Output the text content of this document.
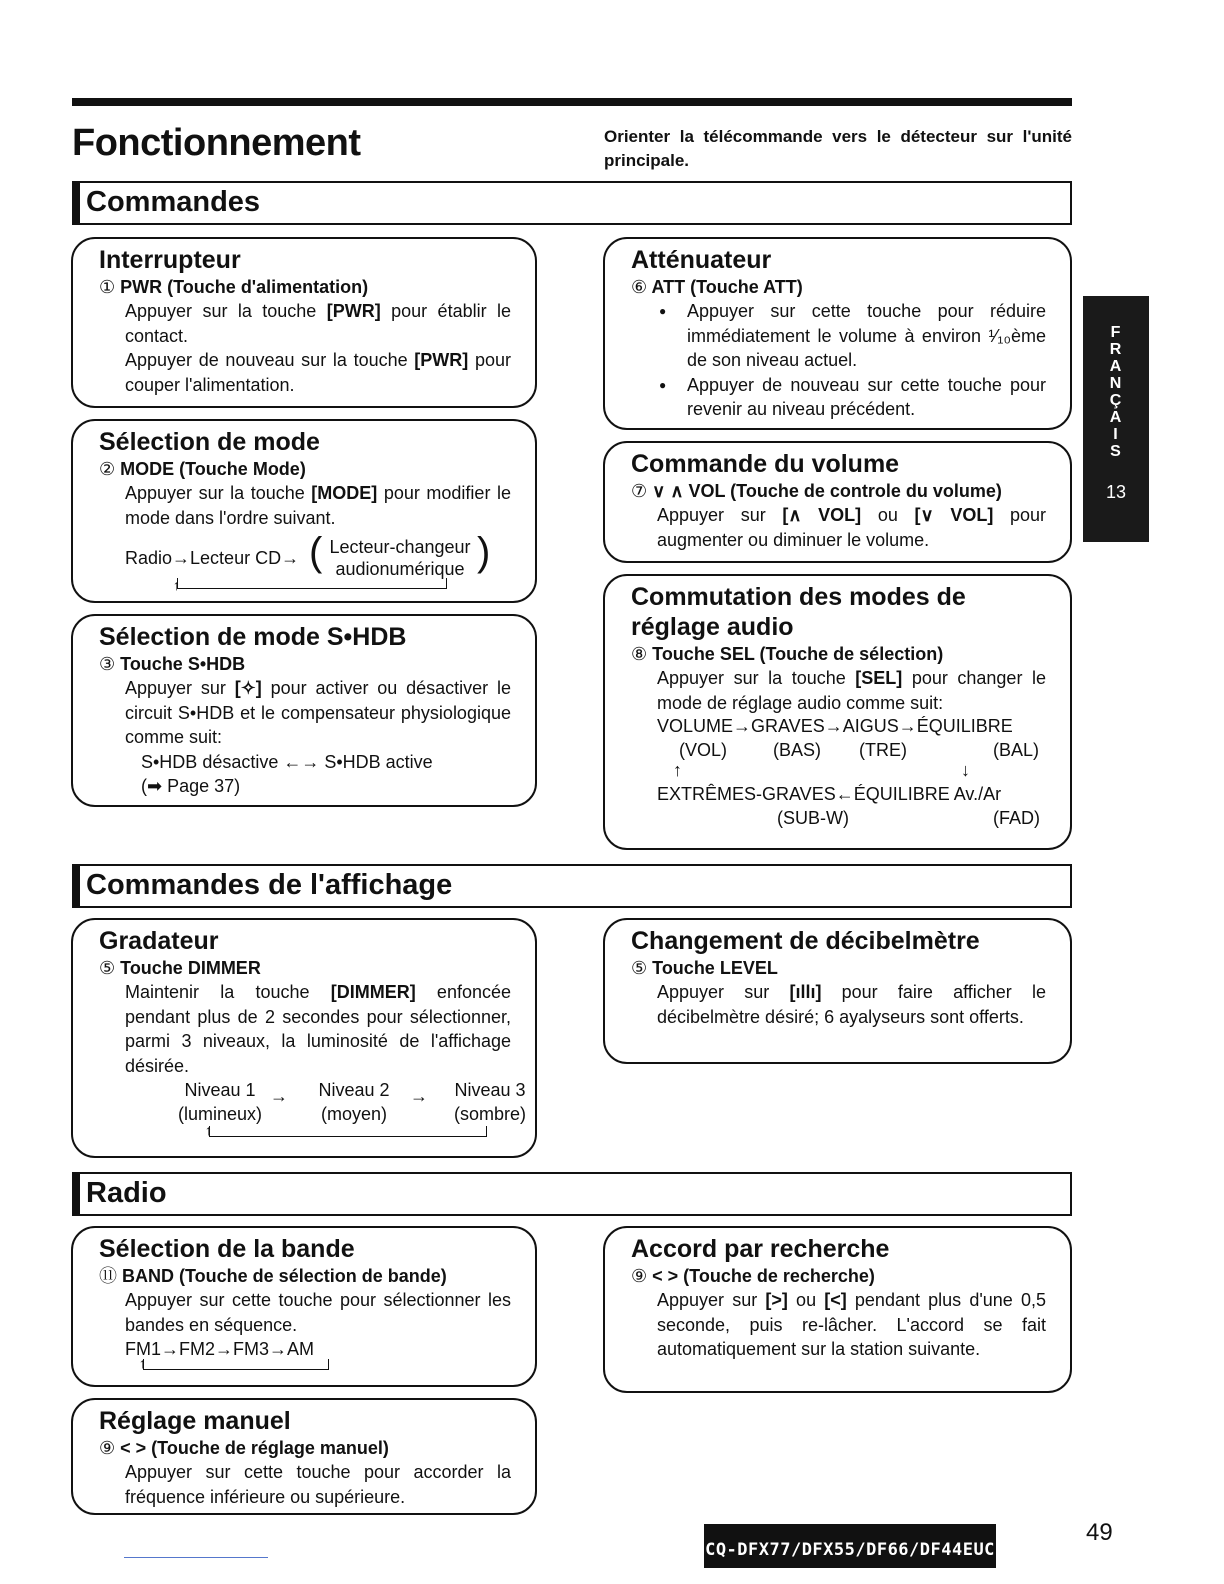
Fonctionnement	Orienter la télécommande vers le détecteur sur l'unité principale.
Commandes
Interrupteur
① PWR (Touche d'alimentation)

Appuyer sur la touche [PWR] pour établir le contact.

Appuyer de nouveau sur la touche [PWR] pour couper l'alimentation.

Sélection de mode
② MODE (Touche Mode)

Appuyer sur la touche [MODE] pour modifier le mode dans l'ordre suivant.

Radio→Lecteur CD→ ( Lecteur-changeur
audionumérique )
↑
Sélection de mode S•HDB
③ Touche S•HDB

Appuyer sur [✧] pour activer ou désactiver le circuit S•HDB et le compensateur physiologique comme suit:

S•HDB désactive ←→ S•HDB active

(➡ Page 37)

Atténuateur
⑥ ATT (Touche ATT)
● Appuyer sur cette touche pour réduire immédiatement le volume à environ ¹⁄₁₀ème de son niveau actuel.
● Appuyer de nouveau sur cette touche pour revenir au niveau précédent.
Commande du volume
⑦ ∨ ∧ VOL (Touche de controle du volume)

Appuyer sur [∧ VOL] ou [∨ VOL] pour augmenter ou diminuer le volume.

Commutation des modes de réglage audio
⑧ Touche SEL (Touche de sélection)

Appuyer sur la touche [SEL] pour changer le mode de réglage audio comme suit:

VOLUME→GRAVES→AIGUS→ÉQUILIBRE
(VOL)	(BAS) (TRE)	(BAL)
↑	↓
EXTRÊMES-GRAVES←ÉQUILIBRE Av./Ar
(SUB-W)	(FAD)
Commandes de l'affichage
Gradateur
⑤ Touche DIMMER

Maintenir la touche [DIMMER] enfoncée pendant plus de 2 secondes pour sélectionner, parmi 3 niveaux, la luminosité de l'affichage désirée.

Niveau 1
(lumineux)
→	Niveau 2
(moyen)
→	Niveau 3
(sombre)
↑
Changement de décibelmètre
⑤ Touche LEVEL

Appuyer sur [ıllı] pour faire afficher le décibelmètre désiré; 6 ayalyseurs sont offerts.

Radio
Sélection de la bande
⑪ BAND (Touche de sélection de bande)

Appuyer sur cette touche pour sélectionner les bandes en séquence.

FM1→FM2→FM3→AM
↑
Accord par recherche
⑨ < > (Touche de recherche)

Appuyer sur [>] ou [<] pendant plus d'une 0,5 seconde, puis re-lâcher. L'accord se fait automatiquement sur la station suivante.

Réglage manuel
⑨ < > (Touche de réglage manuel)

Appuyer sur cette touche pour accorder la fréquence inférieure ou supérieure.

F
R
A
N
Ç
A
I
S
13
CQ-DFX77/DFX55/DF66/DF44EUC
49
